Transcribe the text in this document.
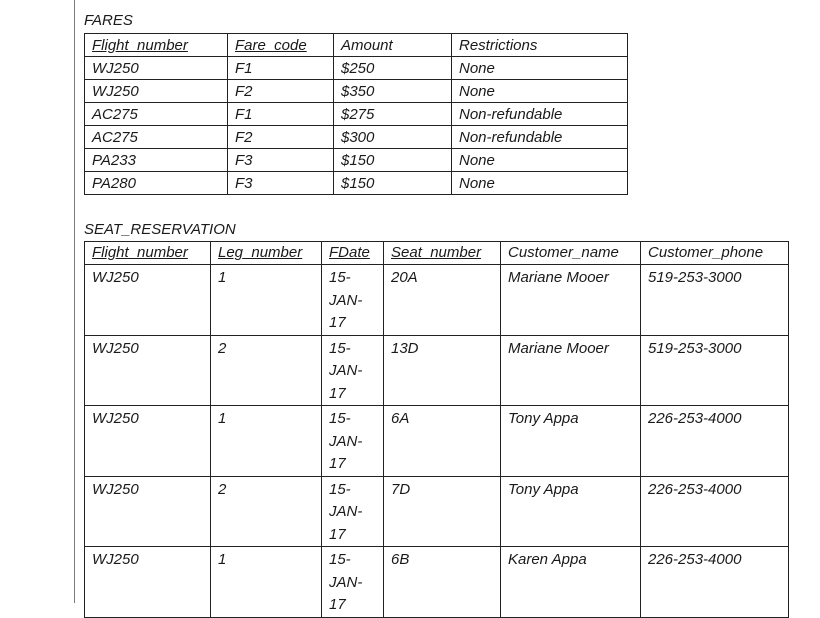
FARES
Flight_number	Fare_code	Amount	Restrictions
WJ250	F1	$250	None
WJ250	F2	$350	None
AC275	F1	$275	Non-refundable
AC275	F2	$300	Non-refundable
PA233	F3	$150	None
PA280	F3	$150	None
SEAT_RESERVATION
Flight_number	Leg_number	FDate	Seat_number	Customer_name	Customer_phone
WJ250	1	15-
JAN-
17	20A	Mariane Mooer	519-253-3000
WJ250	2	15-
JAN-
17	13D	Mariane Mooer	519-253-3000
WJ250	1	15-
JAN-
17	6A	Tony Appa	226-253-4000
WJ250	2	15-
JAN-
17	7D	Tony Appa	226-253-4000
WJ250	1	15-
JAN-
17	6B	Karen Appa	226-253-4000
